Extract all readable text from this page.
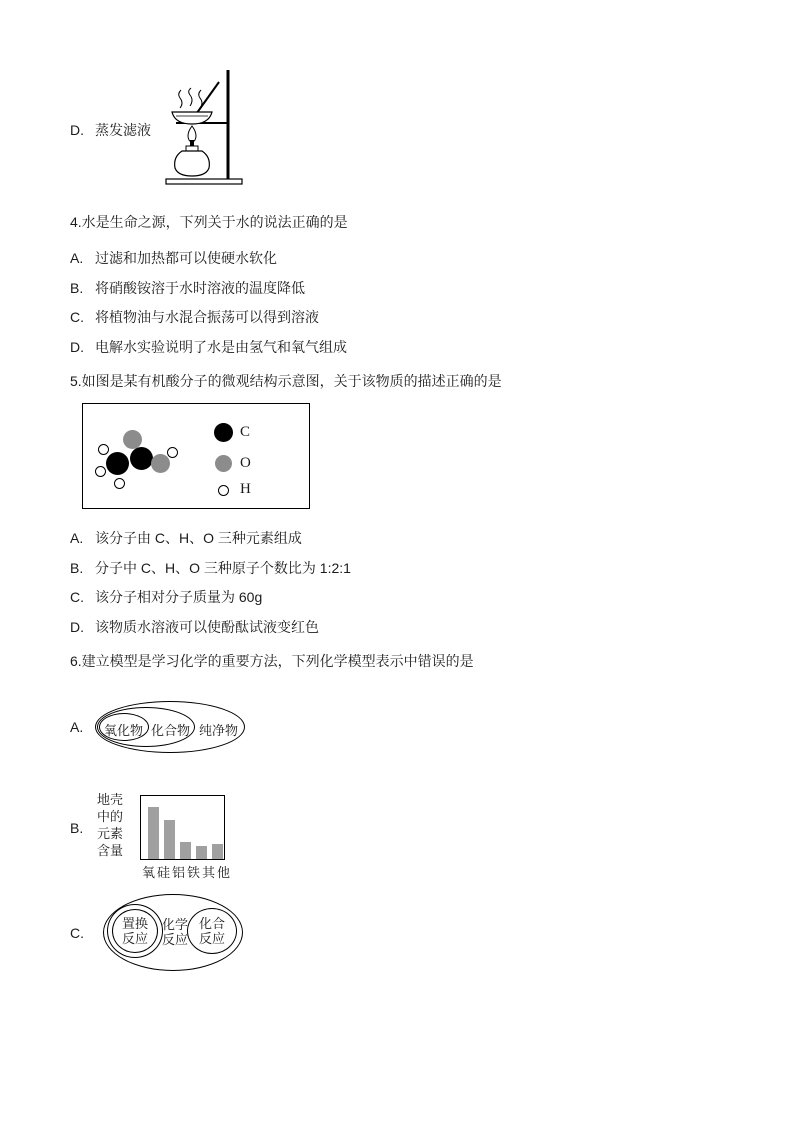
D. 蒸发滤液
4.水是生命之源，下列关于水的说法正确的是
A. 过滤和加热都可以使硬水软化
B. 将硝酸铵溶于水时溶液的温度降低
C. 将植物油与水混合振荡可以得到溶液
D. 电解水实验说明了水是由氢气和氧气组成
5.如图是某有机酸分子的微观结构示意图，关于该物质的描述正确的是
C
O
H
A. 该分子由 C、H、O 三种元素组成
B. 分子中 C、H、O 三种原子个数比为 1:2:1
C. 该分子相对分子质量为 60g
D. 该物质水溶液可以使酚酞试液变红色
6.建立模型是学习化学的重要方法，下列化学模型表示中错误的是
A.	氧化物 化合物 纯净物
B.
地壳
中的
元素
含量
氧硅铝铁其他
C.
置换
反应
化学
反应
化合
反应
